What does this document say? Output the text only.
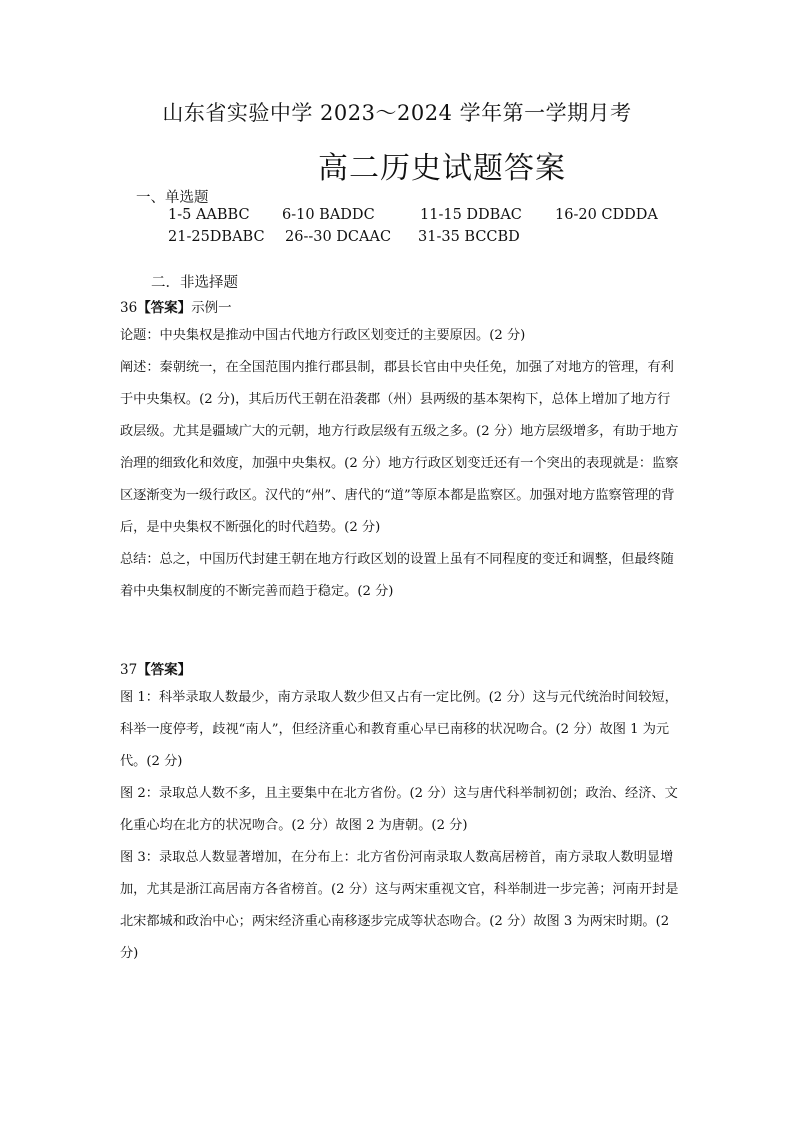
山东省实验中学 2023～2024 学年第一学期月考
高二历史试题答案
一、单选题
1-5 AABBC 6-10 BADDC	11-15 DDBAC 16-20 CDDDA
21-25DBABC 26--30 DCAAC 31-35 BCCBD
二．非选择题
36【答案】示例一

论题：中央集权是推动中国古代地方行政区划变迁的主要原因。(2 分)

阐述：秦朝统一，在全国范围内推行郡县制，郡县长官由中央任免，加强了对地方的管理，有利于中央集权。(2 分)，其后历代王朝在沿袭郡（州）县两级的基本架构下，总体上增加了地方行政层级。尤其是疆域广大的元朝，地方行政层级有五级之多。(2 分）地方层级增多，有助于地方治理的细致化和效度，加强中央集权。(2 分）地方行政区划变迁还有一个突出的表现就是：监察区逐渐变为一级行政区。汉代的“州”、唐代的“道”等原本都是监察区。加强对地方监察管理的背后，是中央集权不断强化的时代趋势。(2 分)

总结：总之，中国历代封建王朝在地方行政区划的设置上虽有不同程度的变迁和调整，但最终随着中央集权制度的不断完善而趋于稳定。(2 分)

37【答案】

图 1：科举录取人数最少，南方录取人数少但又占有一定比例。(2 分）这与元代统治时间较短，科举一度停考，歧视“南人”，但经济重心和教育重心早已南移的状况吻合。(2 分）故图 1 为元代。(2 分)

图 2：录取总人数不多，且主要集中在北方省份。(2 分）这与唐代科举制初创；政治、经济、文化重心均在北方的状况吻合。(2 分）故图 2 为唐朝。(2 分)

图 3：录取总人数显著增加，在分布上：北方省份河南录取人数高居榜首，南方录取人数明显增加，尤其是浙江高居南方各省榜首。(2 分）这与两宋重视文官，科举制进一步完善；河南开封是北宋都城和政治中心；两宋经济重心南移逐步完成等状态吻合。(2 分）故图 3 为两宋时期。(2 分)
